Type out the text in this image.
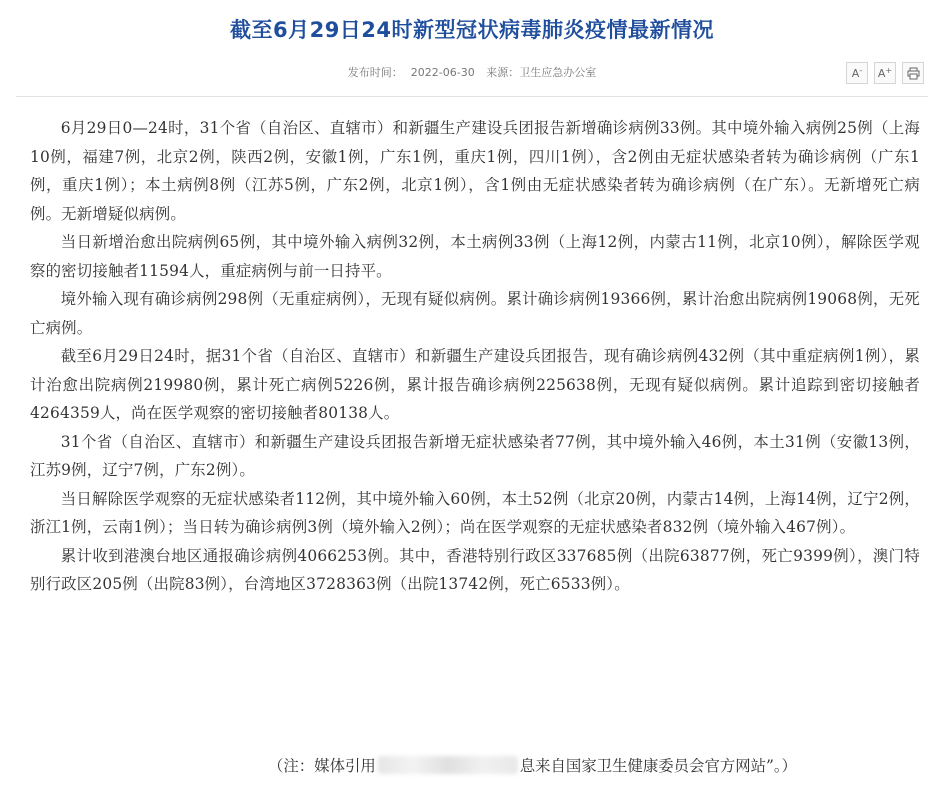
截至6月29日24时新型冠状病毒肺炎疫情最新情况
发布时间： 2022-06-30 来源：卫生应急办公室	A- A+

6月29日0—24时，31个省（自治区、直辖市）和新疆生产建设兵团报告新增确诊病例33例。其中境外输入病例25例（上海10例，福建7例，北京2例，陕西2例，安徽1例，广东1例，重庆1例，四川1例），含2例由无症状感染者转为确诊病例（广东1例，重庆1例）；本土病例8例（江苏5例，广东2例，北京1例），含1例由无症状感染者转为确诊病例（在广东）。无新增死亡病例。无新增疑似病例。

当日新增治愈出院病例65例，其中境外输入病例32例，本土病例33例（上海12例，内蒙古11例，北京10例），解除医学观察的密切接触者11594人，重症病例与前一日持平。

境外输入现有确诊病例298例（无重症病例），无现有疑似病例。累计确诊病例19366例，累计治愈出院病例19068例，无死亡病例。

截至6月29日24时，据31个省（自治区、直辖市）和新疆生产建设兵团报告，现有确诊病例432例（其中重症病例1例），累计治愈出院病例219980例，累计死亡病例5226例，累计报告确诊病例225638例，无现有疑似病例。累计追踪到密切接触者4264359人，尚在医学观察的密切接触者80138人。

31个省（自治区、直辖市）和新疆生产建设兵团报告新增无症状感染者77例，其中境外输入46例，本土31例（安徽13例，江苏9例，辽宁7例，广东2例）。

当日解除医学观察的无症状感染者112例，其中境外输入60例，本土52例（北京20例，内蒙古14例，上海14例，辽宁2例，浙江1例，云南1例）；当日转为确诊病例3例（境外输入2例）；尚在医学观察的无症状感染者832例（境外输入467例）。

累计收到港澳台地区通报确诊病例4066253例。其中，香港特别行政区337685例（出院63877例，死亡9399例），澳门特别行政区205例（出院83例），台湾地区3728363例（出院13742例，死亡6533例）。

（注：媒体引用	息来自国家卫生健康委员会官方网站”。）
